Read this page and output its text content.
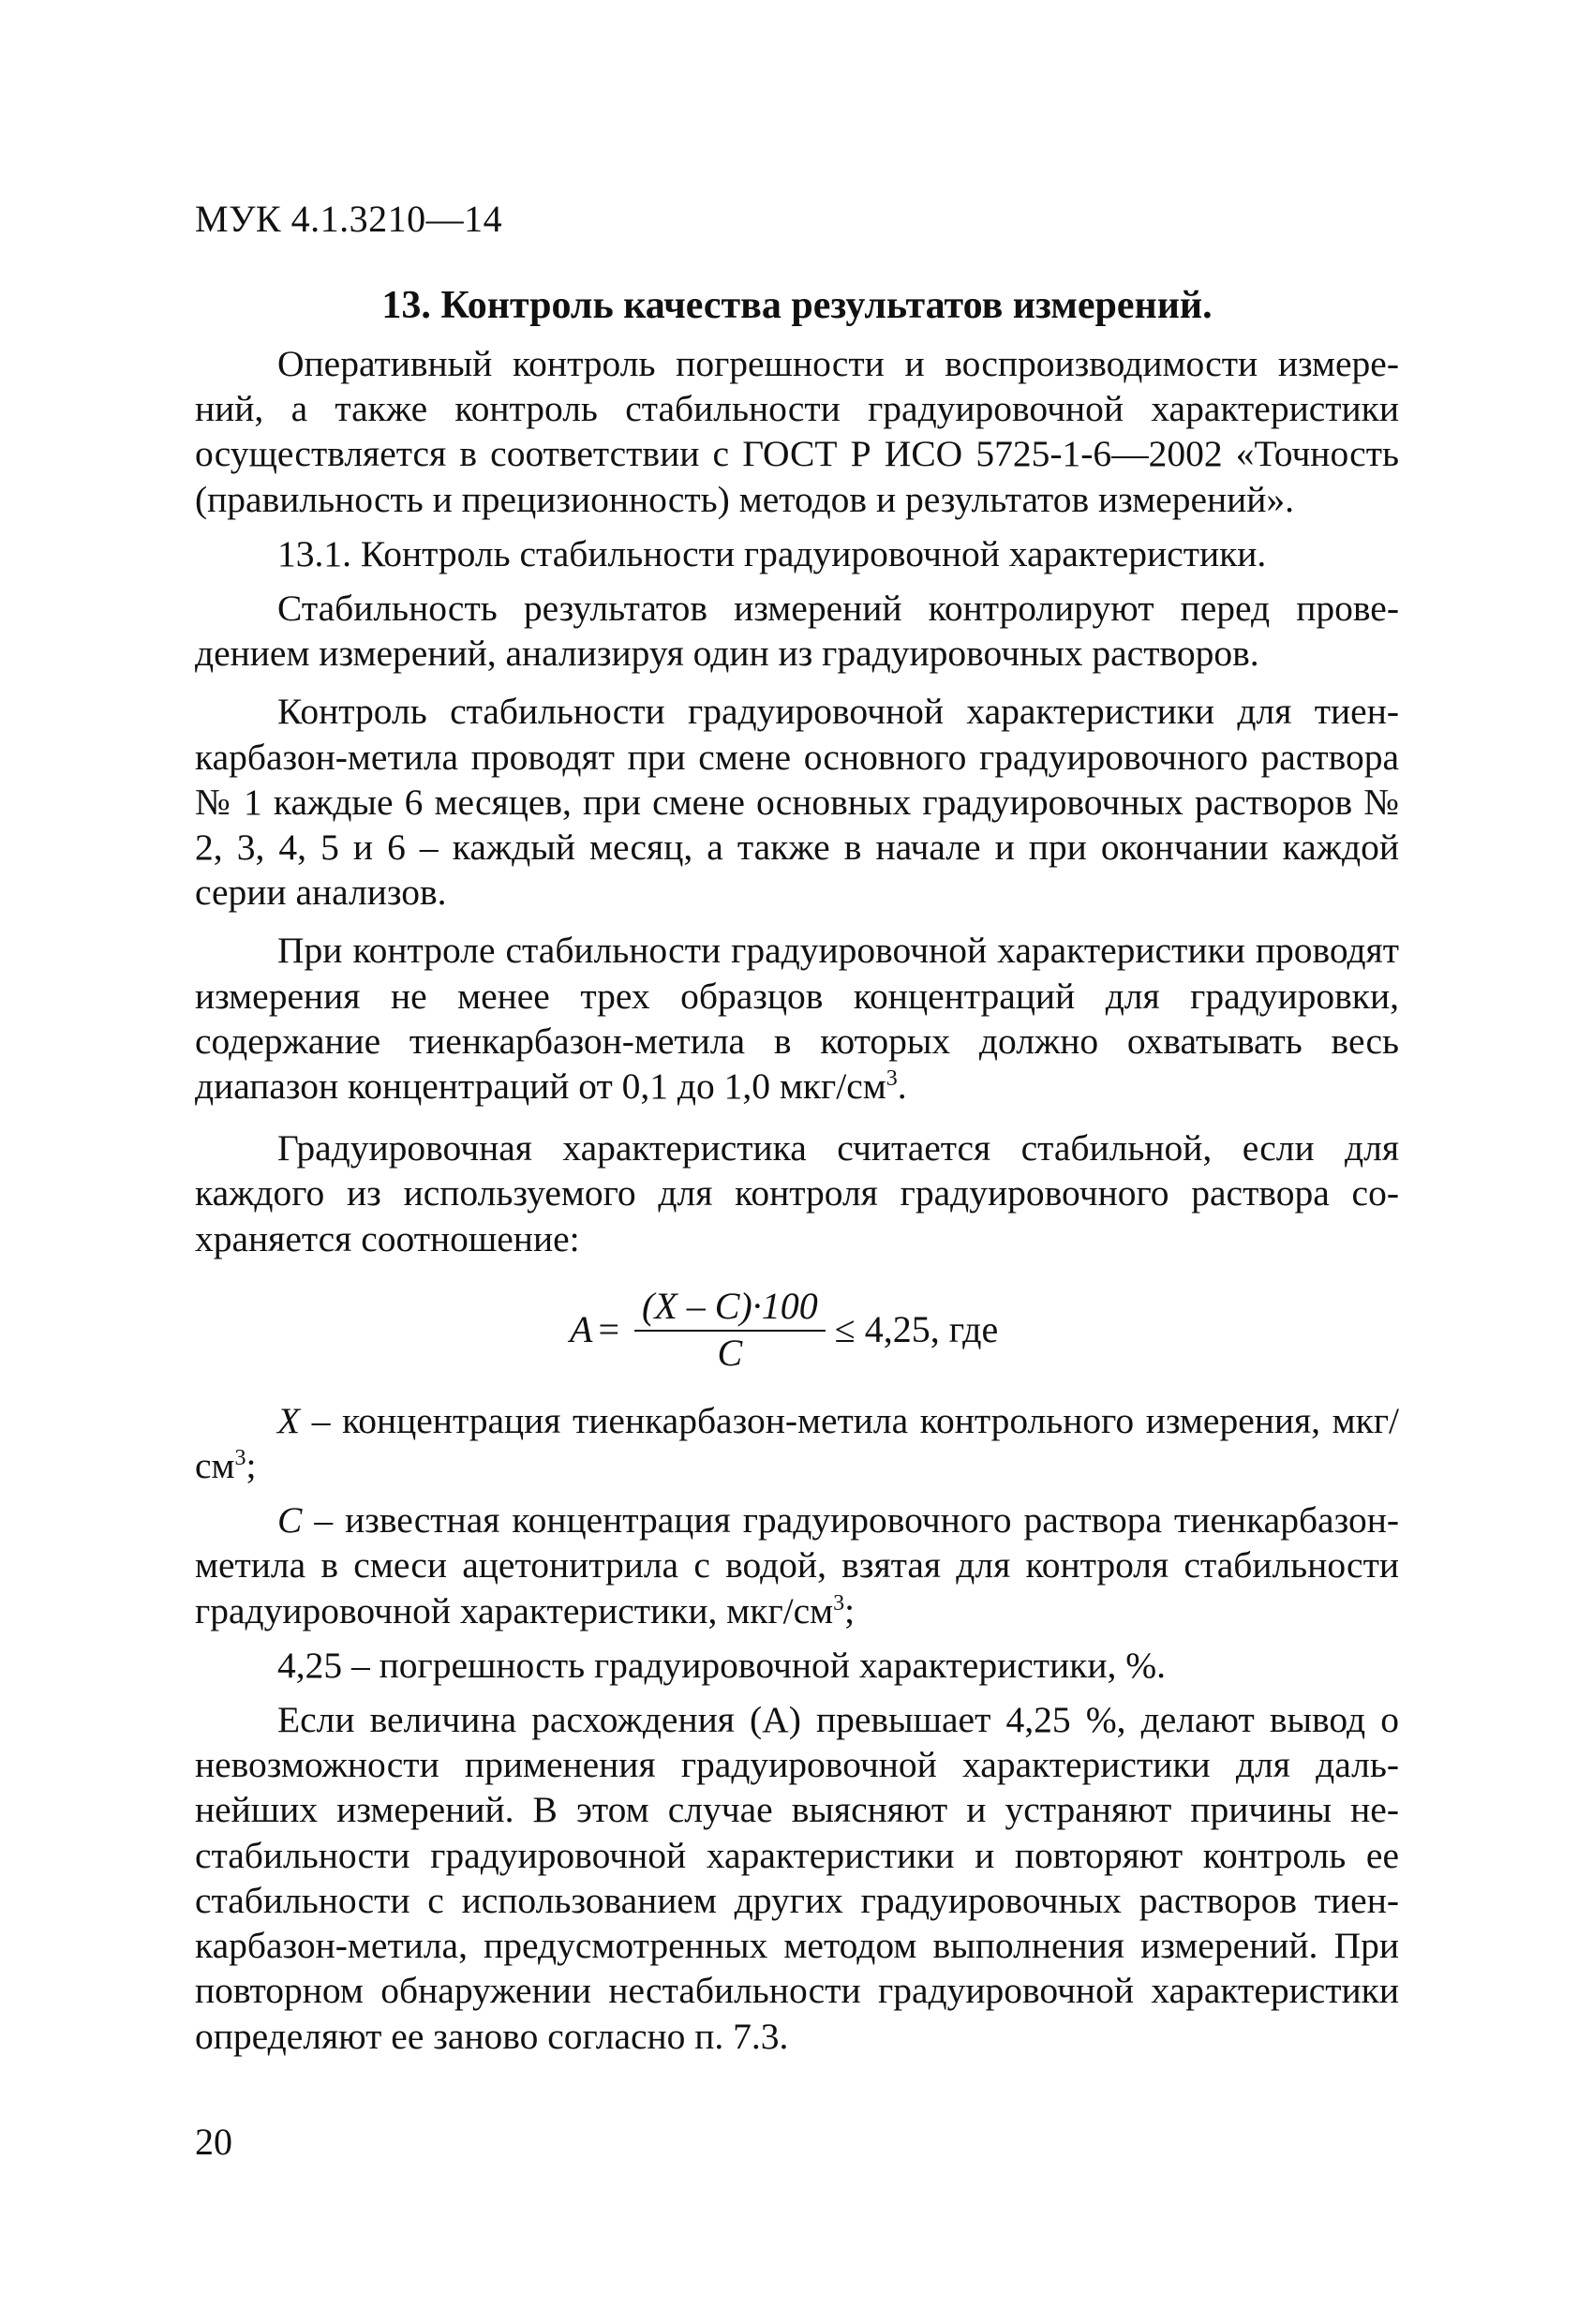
МУК 4.1.3210—14
13. Контроль качества результатов измерений.

Оперативный контроль погрешности и воспроизводимости измерений, а также контроль стабильности градуировочной характеристики осуществляется в соответствии с ГОСТ Р ИСО 5725-1-6—2002 «Точность (правильность и прецизионность) методов и результатов измерений».

13.1. Контроль стабильности градуировочной характеристики.

Стабильность результатов измерений контролируют перед проведением измерений, анализируя один из градуировочных растворов.

Контроль стабильности градуировочной характеристики для тиенкарбазон-метила проводят при смене основного градуировочного раствора № 1 каждые 6 месяцев, при смене основных градуировочных растворов № 2, 3, 4, 5 и 6 – каждый месяц, а также в начале и при окончании каждой серии анализов.

При контроле стабильности градуировочной характеристики проводят измерения не менее трех образцов концентраций для градуировки, содержание тиенкарбазон-метила в которых должно охватывать весь диапазон концентраций от 0,1 до 1,0 мкг/$см^3$.

Градуировочная характеристика считается стабильной, если для каждого из используемого для контроля градуировочного раствора сохраняется соотношение:

$A = \frac{(X - C)\cdot 100}{C} \le 4,25$, где

X – концентрация тиенкарбазон-метила контрольного измерения, мкг/$см^3$;

C – известная концентрация градуировочного раствора тиенкарбазон-метила в смеси ацетонитрила с водой, взятая для контроля стабильности градуировочной характеристики, мкг/$см^3$;

4,25 – погрешность градуировочной характеристики, %.

Если величина расхождения (А) превышает 4,25 %, делают вывод о невозможности применения градуировочной характеристики для дальнейших измерений. В этом случае выясняют и устраняют причины нестабильности градуировочной характеристики и повторяют контроль ее стабильности с использованием других градуировочных растворов тиенкарбазон-метила, предусмотренных методом выполнения измерений. При повторном обнаружении нестабильности градуировочной характеристики определяют ее заново согласно п. 7.3.

20
